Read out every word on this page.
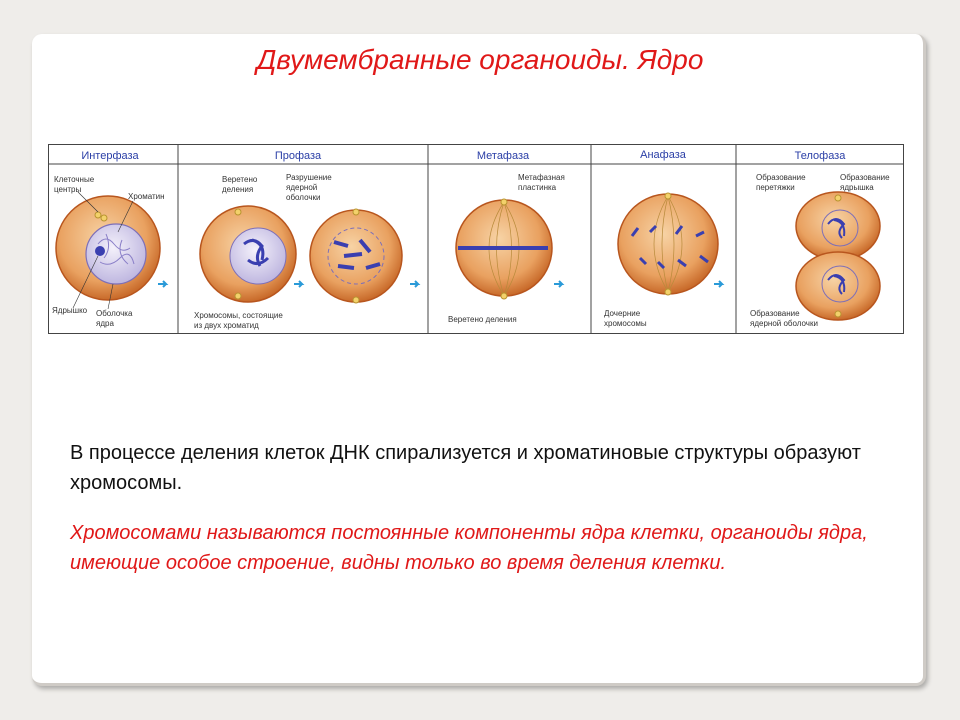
Двумембранные органоиды. Ядро
Интерфаза	Профаза	Метафаза	Анафаза	Телофаза
Клеточные
центры
Хроматин
Ядрышко Оболочка
ядра
Веретено
деления
Разрушение
ядерной
оболочки
Хромосомы, состоящие
из двух хроматид
Метафазная
пластинка
Веретено деления
Дочерние
хромосомы
Образование
перетяжки
Образование
ядрышка
Образование
ядерной оболочки
В процессе деления клеток ДНК спирализуется и хроматиновые структуры образуют хромосомы.
Хромосомами называются постоянные компоненты ядра клетки, органоиды ядра, имеющие особое строение, видны только во время деления клетки.
